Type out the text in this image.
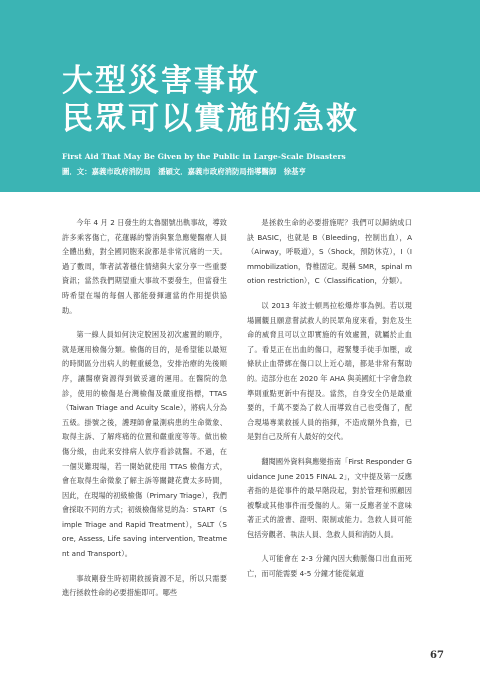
大型災害事故
民眾可以實施的急救
First Aid That May Be Given by the Public in Large-Scale Disasters
圖．文：嘉義市政府消防局　潘穎文．嘉義市政府消防局指導醫師　徐基亨

今年 4 月 2 日發生的太魯閣號出軌事故，導致許多乘客傷亡，花蓮縣的警消與緊急應變醫療人員全體出動，對全國同胞來說都是非常沉痛的一天。過了數周，筆者試著穩住情緒與大家分享一些重要資訊；當然我們期望重大事故不要發生，但當發生時希望在場的每個人都能發揮適當的作用提供協助。

第一線人員如何決定脫困及初次處置的順序，就是運用檢傷分類。檢傷的目的，是希望能以最短的時間區分出病人的輕重緩急，安排治療的先後順序，讓醫療資源得到做妥適的運用。在醫院的急診，使用的檢傷是台灣檢傷及嚴重度指標，TTAS（Taiwan Triage and Acuity Scale），將病人分為五級。掛號之後，護理師會量測病患的生命徵象、取得主訴、了解疼痛的位置和嚴重度等等。做出檢傷分級，由此來安排病人依序看診就醫。不過，在一個災難現場，若一開始就使用 TTAS 檢傷方式，會在取得生命徵象了解主訴等關鍵花費太多時間，因此，在現場的初級檢傷（Primary Triage），我們會採取不同的方式；初級檢傷常見的為：START（Simple Triage and Rapid Treatment），SALT（Sore, Assess, Life saving intervention, Treatment and Transport）。

事故剛發生時初期救援資源不足，所以只需要進行拯救性命的必要措施即可。哪些

是拯救生命的必要措施呢？我們可以歸納成口訣 BASIC，也就是 B（Bleeding，控制出血），A（Airway，呼吸道），S（Shock，預防休克），I（Immobilization，脊椎固定。現稱 SMR，spinal motion restriction），C（Classification，分類）。

以 2013 年波士頓馬拉松爆炸事為例。若以現場圖觀且願意嘗試救人的民眾角度來看，對危及生命的威脅且可以立即實施的有效處置，就屬於止血了。看見正在出血的傷口，趕緊雙手徒手加壓，或條狀止血帶綁在傷口以上近心端，都是非常有幫助的。這部分也在 2020 年 AHA 與美國紅十字會急救準則重點更新中有提及。當然，自身安全仍是最重要的，千萬不要為了救人而導致自己也受傷了，配合現場專業救援人員的指揮，不造成額外負擔，已是對自己及所有人最好的交代。

翻閱國外資料與應變指南「First Responder Guidance June 2015 FINAL 2」，文中提及第一反應者指的是從事件的最早階段起，對於管理和照顧因被擊或其他事件而受傷的人。第一反應者並不意味著正式的證書、證明、限制或能力。急救人員可能包括旁觀者、執法人員、急救人員和消防人員。

人可能會在 2-3 分鐘內因大動脈傷口出血而死亡，而可能需要 4-5 分鐘才能從氣道

67
